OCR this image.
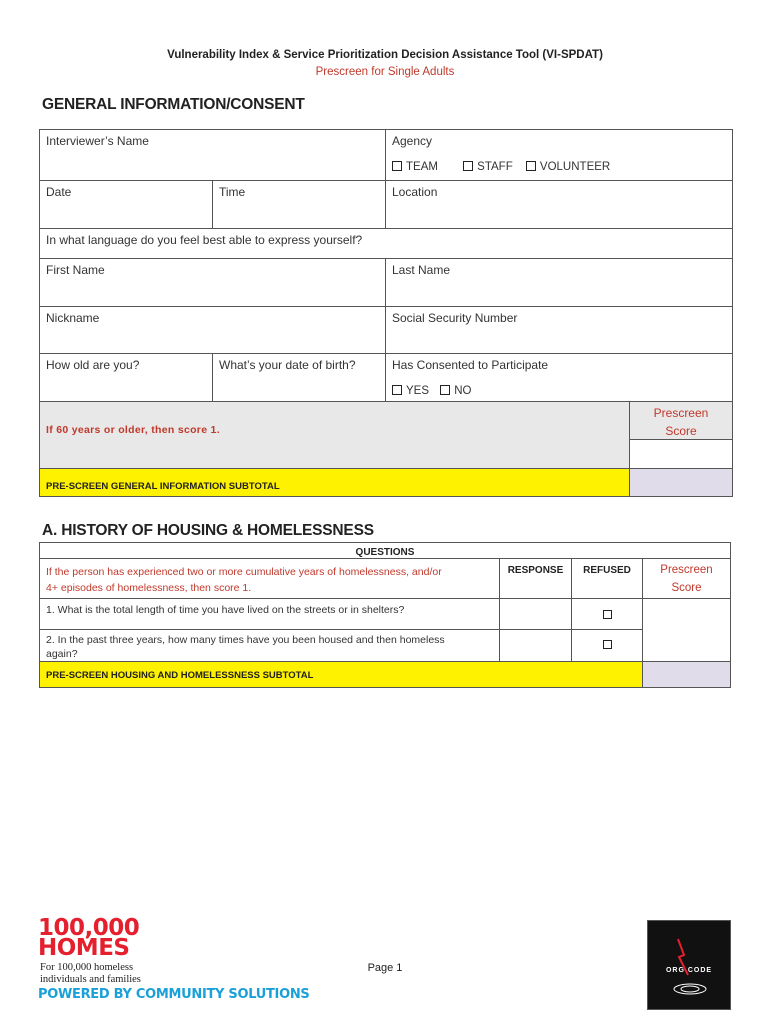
Vulnerability Index & Service Prioritization Decision Assistance Tool (VI-SPDAT)
Prescreen for Single Adults
GENERAL INFORMATION/CONSENT
Interviewer’s Name	Agency
TEAM	STAFF VOLUNTEER
Date	Time	Location
In what language do you feel best able to express yourself?
First Name	Last Name
Nickname	Social Security Number
How old are you?	What’s your date of birth?	Has Consented to Participate
YES NO
If 60 years or older, then score 1.
Prescreen
Score
PRE-SCREEN GENERAL INFORMATION SUBTOTAL
A. HISTORY OF HOUSING & HOMELESSNESS
QUESTIONS
If the person has experienced two or more cumulative years of homelessness, and/or
4+ episodes of homelessness, then score 1.
RESPONSE	REFUSED	Prescreen
Score
1. What is the total length of time you have lived on the streets or in shelters?
2. In the past three years, how many times have you been housed and then homeless
again?
PRE-SCREEN HOUSING AND HOMELESSNESS SUBTOTAL
100,000
HOMES
For 100,000 homeless
individuals and families
POWERED BY COMMUNITY SOLUTIONS
Page 1	ORG CODE
